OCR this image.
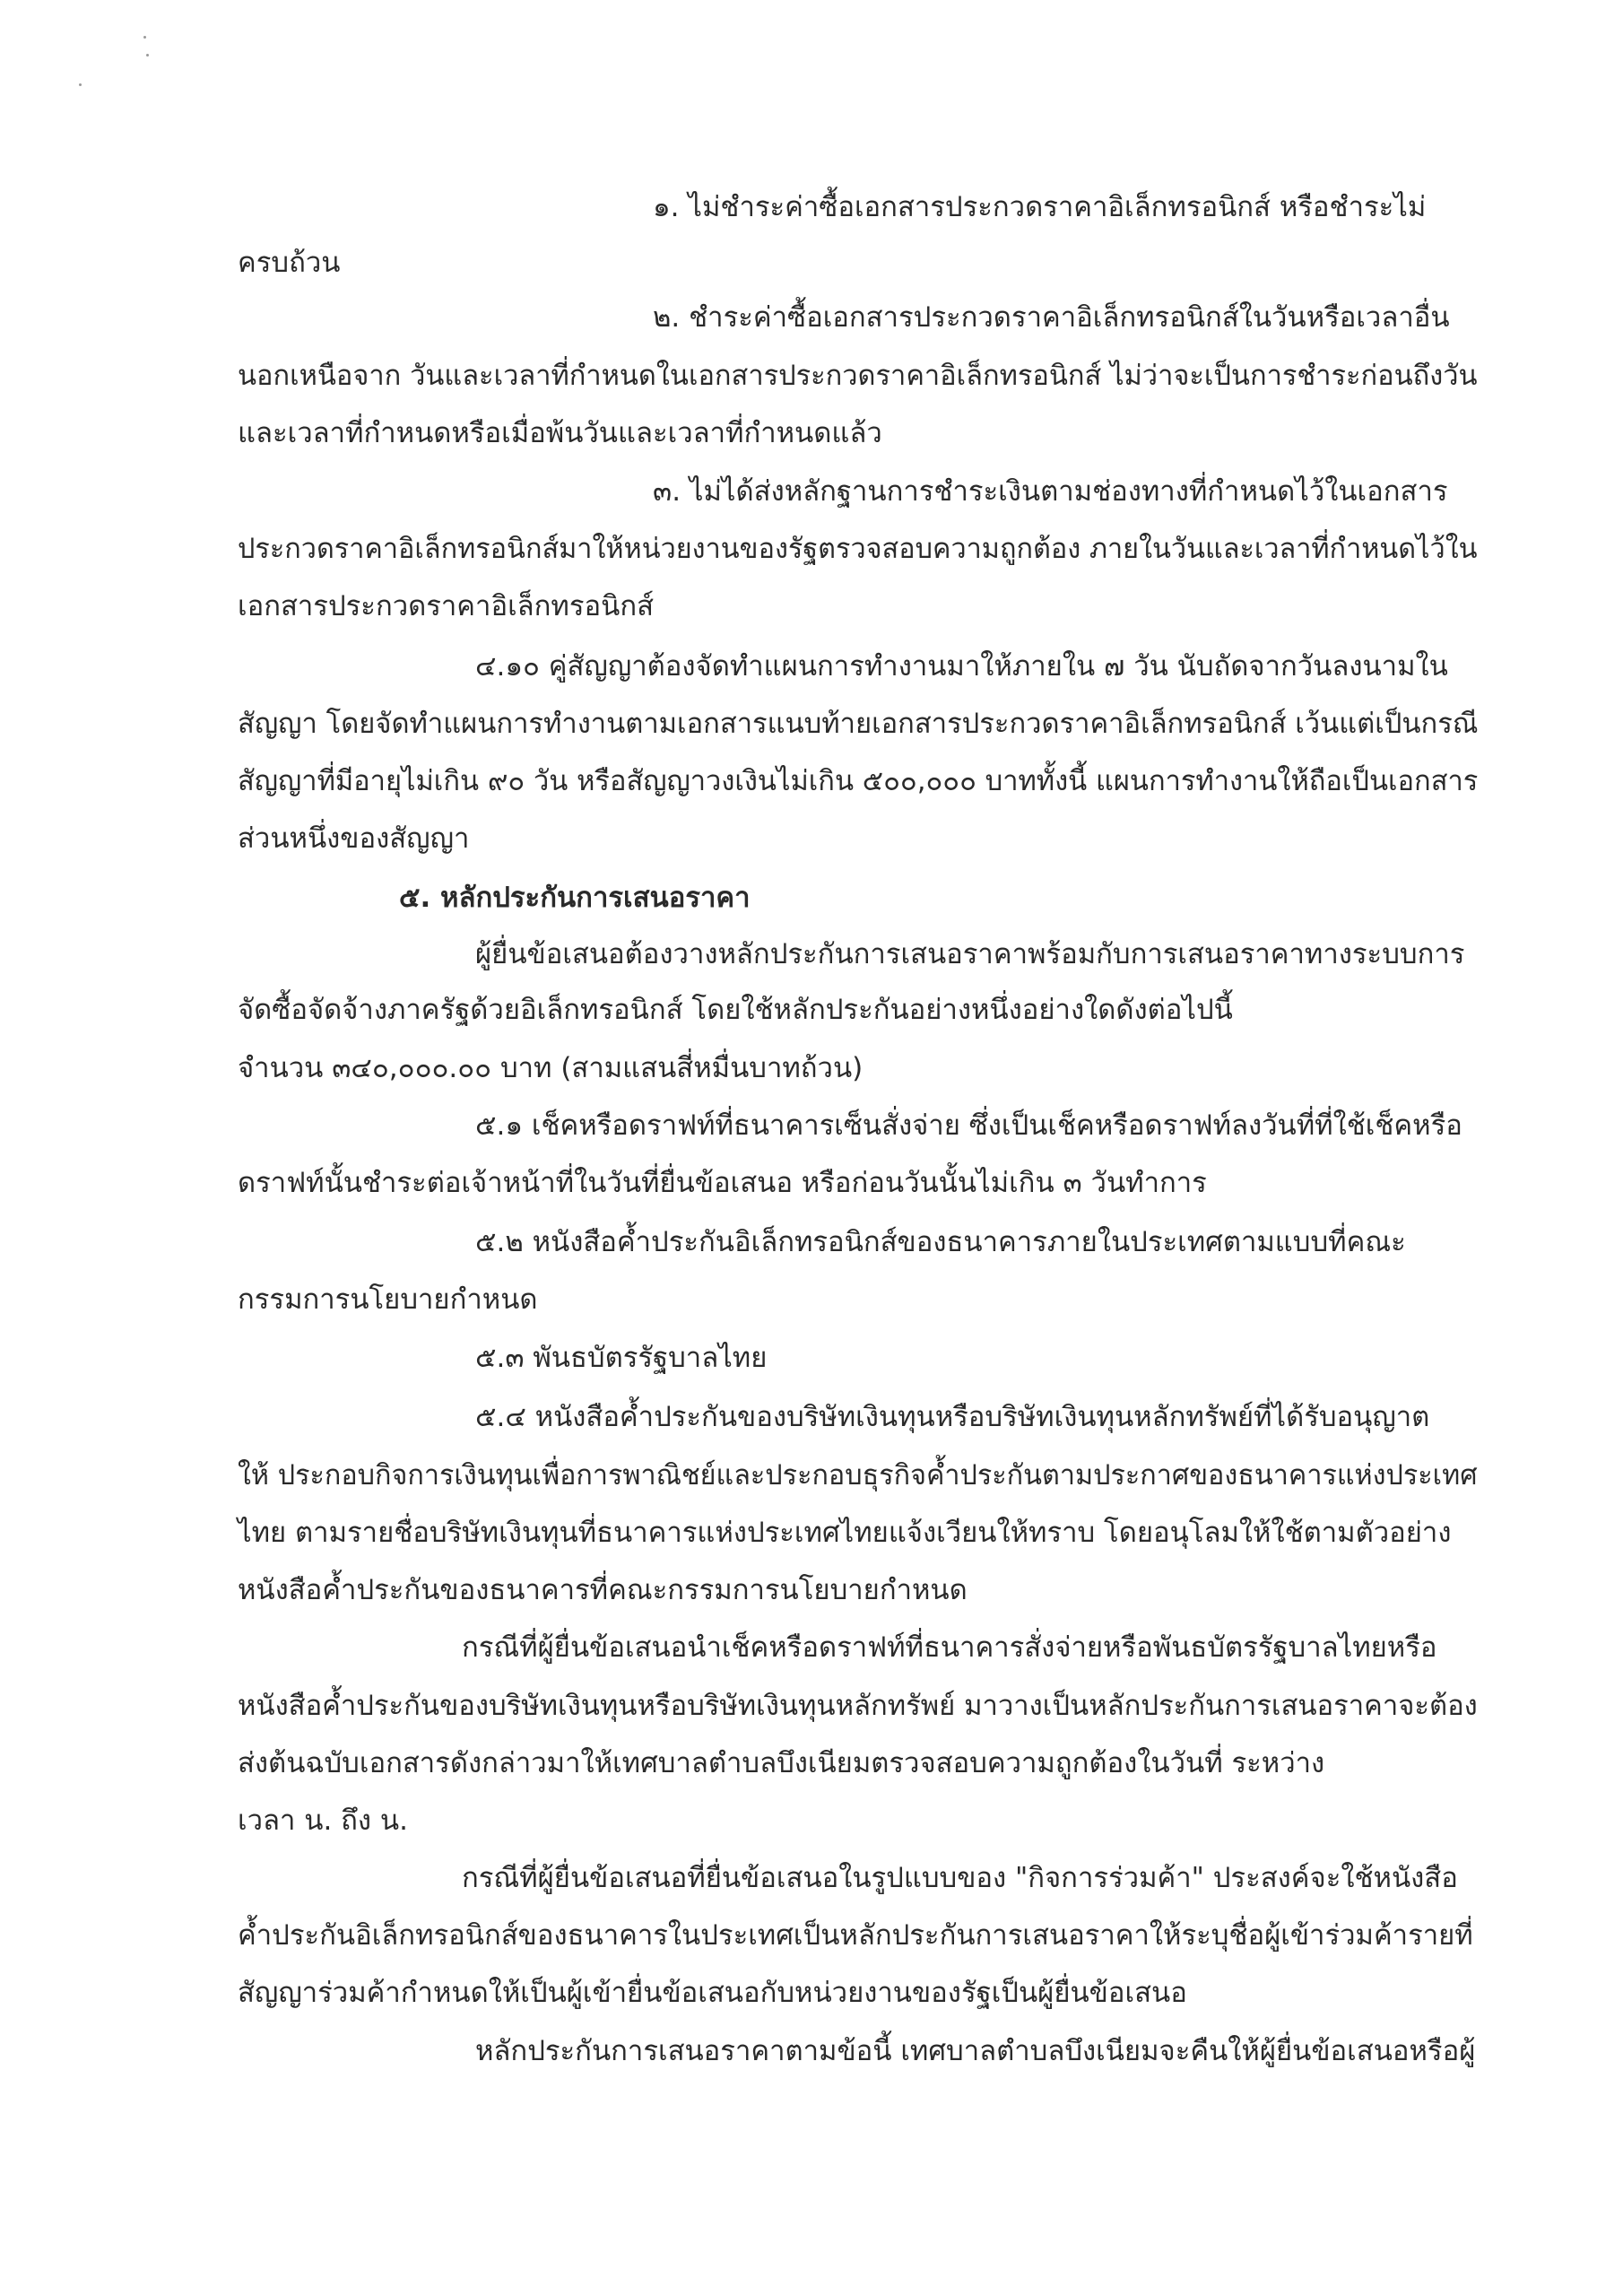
๑. ไม่ชำระค่าซื้อเอกสารประกวดราคาอิเล็กทรอนิกส์ หรือชำระไม่
ครบถ้วน
๒. ชำระค่าซื้อเอกสารประกวดราคาอิเล็กทรอนิกส์ในวันหรือเวลาอื่น
นอกเหนือจาก วันและเวลาที่กำหนดในเอกสารประกวดราคาอิเล็กทรอนิกส์ ไม่ว่าจะเป็นการชำระก่อนถึงวัน
และเวลาที่กำหนดหรือเมื่อพ้นวันและเวลาที่กำหนดแล้ว
๓. ไม่ได้ส่งหลักฐานการชำระเงินตามช่องทางที่กำหนดไว้ในเอกสาร
ประกวดราคาอิเล็กทรอนิกส์มาให้หน่วยงานของรัฐตรวจสอบความถูกต้อง ภายในวันและเวลาที่กำหนดไว้ใน
เอกสารประกวดราคาอิเล็กทรอนิกส์
๔.๑๐ คู่สัญญาต้องจัดทำแผนการทำงานมาให้ภายใน ๗ วัน นับถัดจากวันลงนามใน
สัญญา โดยจัดทำแผนการทำงานตามเอกสารแนบท้ายเอกสารประกวดราคาอิเล็กทรอนิกส์ เว้นแต่เป็นกรณี
สัญญาที่มีอายุไม่เกิน ๙๐ วัน หรือสัญญาวงเงินไม่เกิน ๕๐๐,๐๐๐ บาททั้งนี้ แผนการทำงานให้ถือเป็นเอกสาร
ส่วนหนึ่งของสัญญา
๕. หลักประกันการเสนอราคา
ผู้ยื่นข้อเสนอต้องวางหลักประกันการเสนอราคาพร้อมกับการเสนอราคาทางระบบการ
จัดซื้อจัดจ้างภาครัฐด้วยอิเล็กทรอนิกส์ โดยใช้หลักประกันอย่างหนึ่งอย่างใดดังต่อไปนี้
จำนวน ๓๔๐,๐๐๐.๐๐ บาท (สามแสนสี่หมื่นบาทถ้วน)
๕.๑ เช็คหรือดราฟท์ที่ธนาคารเซ็นสั่งจ่าย ซึ่งเป็นเช็คหรือดราฟท์ลงวันที่ที่ใช้เช็คหรือ
ดราฟท์นั้นชำระต่อเจ้าหน้าที่ในวันที่ยื่นข้อเสนอ หรือก่อนวันนั้นไม่เกิน ๓ วันทำการ
๕.๒ หนังสือค้ำประกันอิเล็กทรอนิกส์ของธนาคารภายในประเทศตามแบบที่คณะ
กรรมการนโยบายกำหนด
๕.๓ พันธบัตรรัฐบาลไทย
๕.๔ หนังสือค้ำประกันของบริษัทเงินทุนหรือบริษัทเงินทุนหลักทรัพย์ที่ได้รับอนุญาต
ให้ ประกอบกิจการเงินทุนเพื่อการพาณิชย์และประกอบธุรกิจค้ำประกันตามประกาศของธนาคารแห่งประเทศ
ไทย ตามรายชื่อบริษัทเงินทุนที่ธนาคารแห่งประเทศไทยแจ้งเวียนให้ทราบ โดยอนุโลมให้ใช้ตามตัวอย่าง
หนังสือค้ำประกันของธนาคารที่คณะกรรมการนโยบายกำหนด
กรณีที่ผู้ยื่นข้อเสนอนำเช็คหรือดราฟท์ที่ธนาคารสั่งจ่ายหรือพันธบัตรรัฐบาลไทยหรือ
หนังสือค้ำประกันของบริษัทเงินทุนหรือบริษัทเงินทุนหลักทรัพย์ มาวางเป็นหลักประกันการเสนอราคาจะต้อง
ส่งต้นฉบับเอกสารดังกล่าวมาให้เทศบาลตำบลบึงเนียมตรวจสอบความถูกต้องในวันที่ ระหว่าง
เวลา น. ถึง น.
กรณีที่ผู้ยื่นข้อเสนอที่ยื่นข้อเสนอในรูปแบบของ "กิจการร่วมค้า" ประสงค์จะใช้หนังสือ
ค้ำประกันอิเล็กทรอนิกส์ของธนาคารในประเทศเป็นหลักประกันการเสนอราคาให้ระบุชื่อผู้เข้าร่วมค้ารายที่
สัญญาร่วมค้ากำหนดให้เป็นผู้เข้ายื่นข้อเสนอกับหน่วยงานของรัฐเป็นผู้ยื่นข้อเสนอ
หลักประกันการเสนอราคาตามข้อนี้ เทศบาลตำบลบึงเนียมจะคืนให้ผู้ยื่นข้อเสนอหรือผู้
